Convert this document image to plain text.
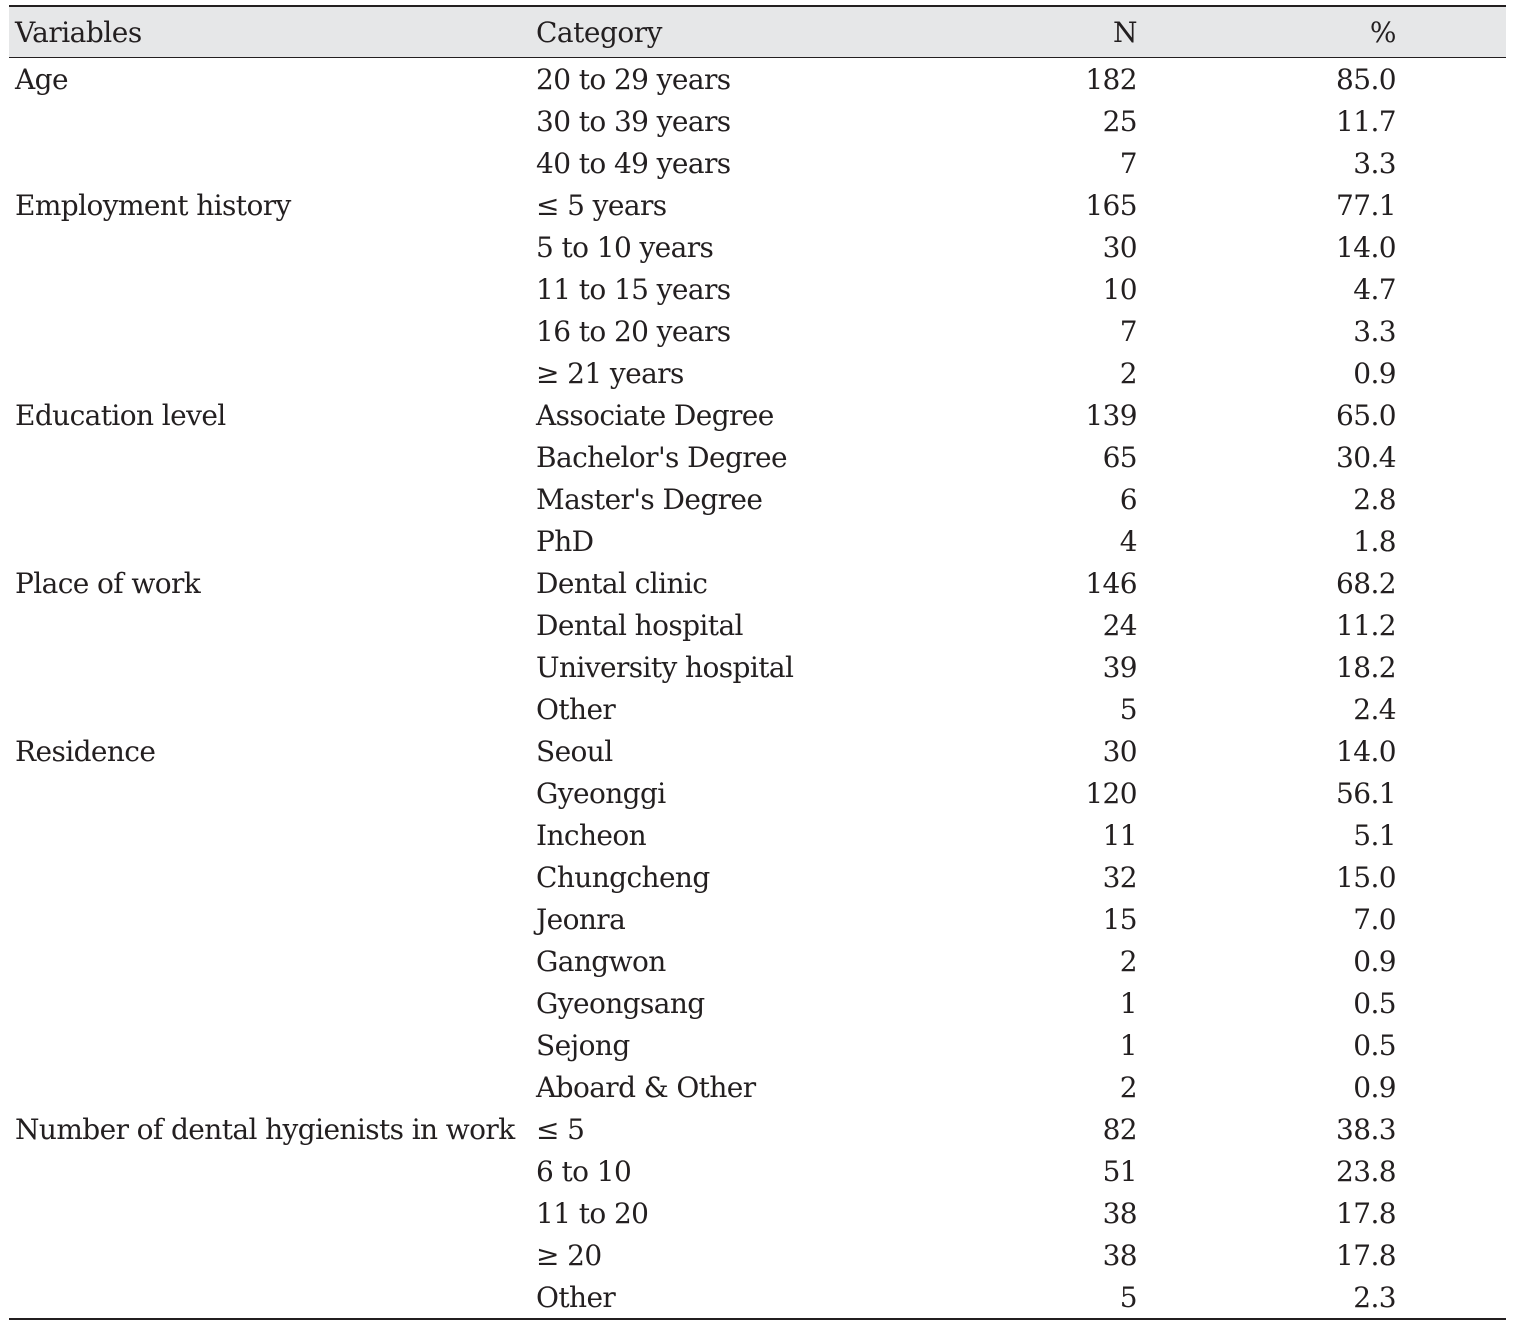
Variables	Category	N	%	
Age	20 to 29 years	182	85.0	
	30 to 39 years	25	11.7	
	40 to 49 years	7	3.3	
Employment history	≤ 5 years	165	77.1	
	5 to 10 years	30	14.0	
	11 to 15 years	10	4.7	
	16 to 20 years	7	3.3	
	≥ 21 years	2	0.9	
Education level	Associate Degree	139	65.0	
	Bachelor's Degree	65	30.4	
	Master's Degree	6	2.8	
	PhD	4	1.8	
Place of work	Dental clinic	146	68.2	
	Dental hospital	24	11.2	
	University hospital	39	18.2	
	Other	5	2.4	
Residence	Seoul	30	14.0	
	Gyeonggi	120	56.1	
	Incheon	11	5.1	
	Chungcheng	32	15.0	
	Jeonra	15	7.0	
	Gangwon	2	0.9	
	Gyeongsang	1	0.5	
	Sejong	1	0.5	
	Aboard & Other	2	0.9	
Number of dental hygienists in work	≤ 5	82	38.3	
	6 to 10	51	23.8	
	11 to 20	38	17.8	
	≥ 20	38	17.8	
	Other	5	2.3	
